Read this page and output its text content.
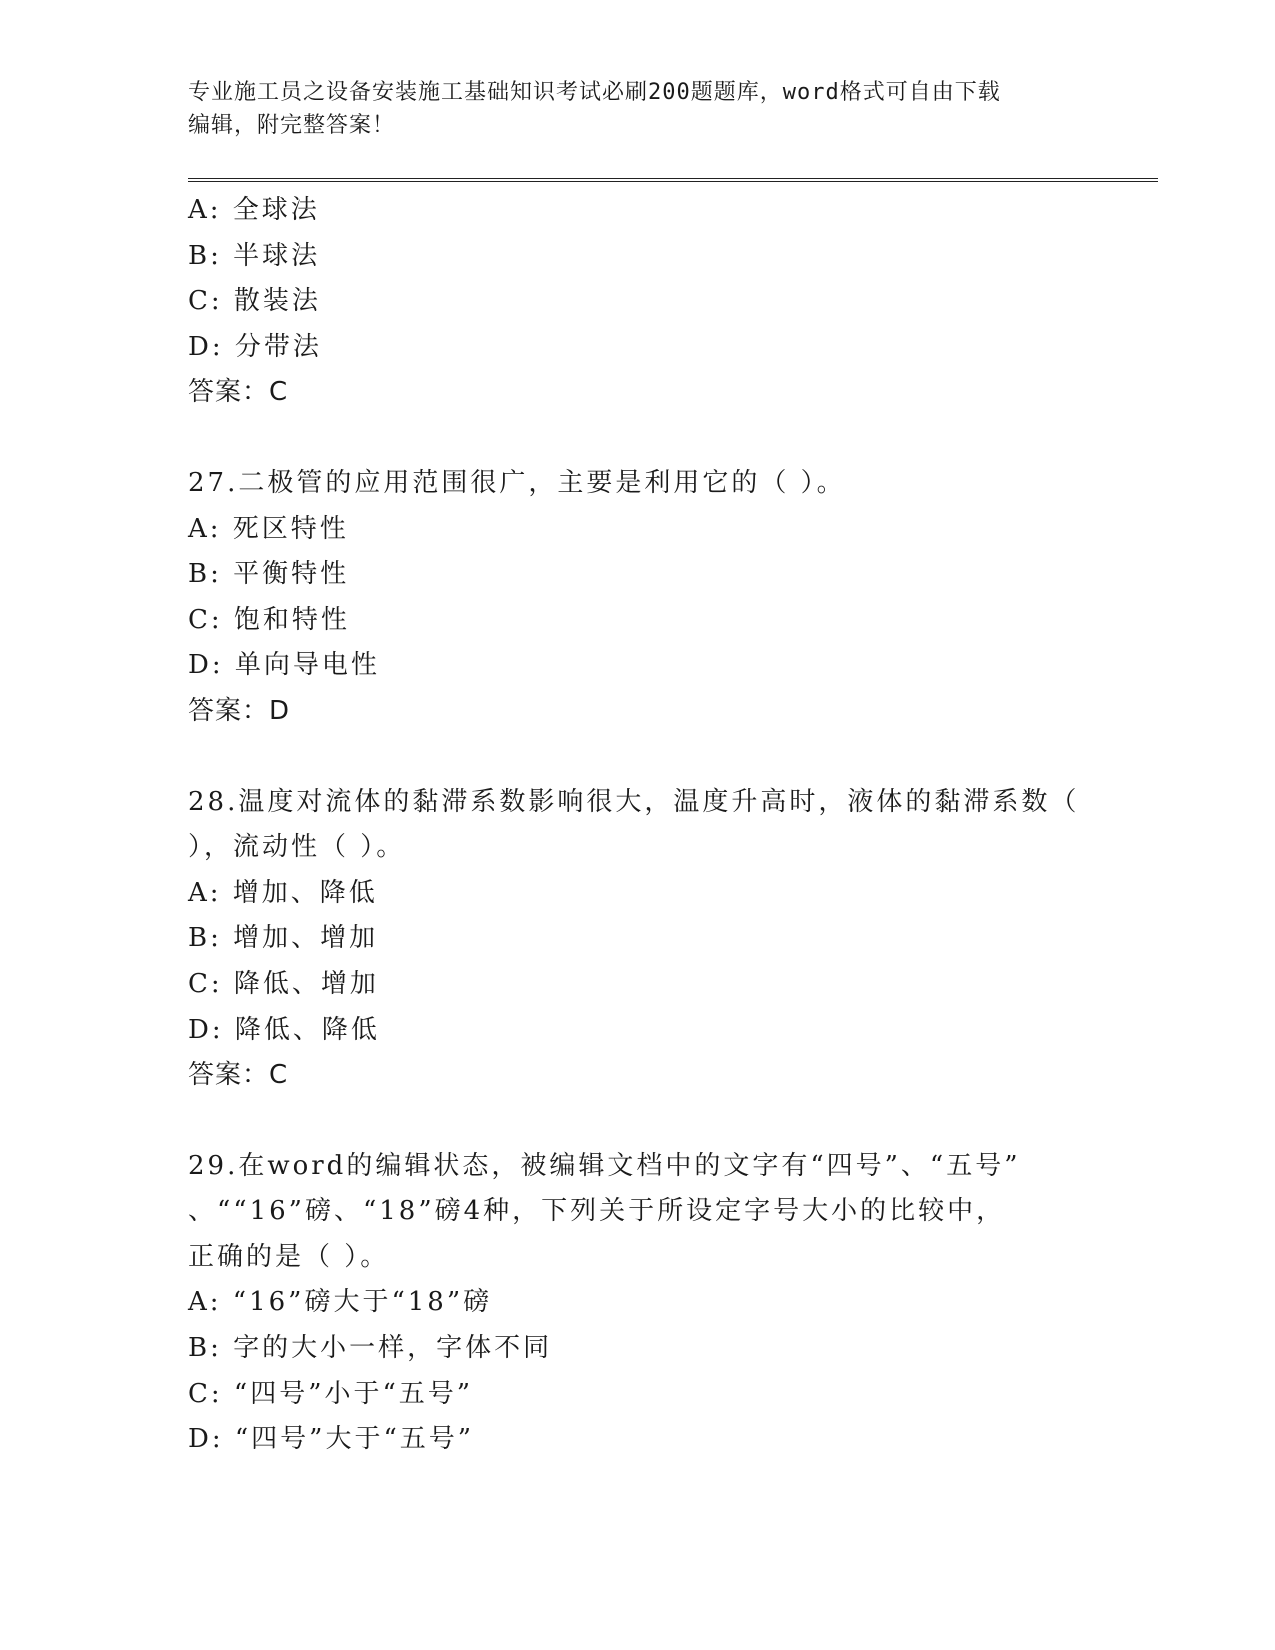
专业施工员之设备安装施工基础知识考试必刷200题题库，word格式可自由下载
编辑，附完整答案！
A: 全球法
B: 半球法
C: 散装法
D: 分带法
答案：C
27.二极管的应用范围很广，主要是利用它的（ ）。
A: 死区特性
B: 平衡特性
C: 饱和特性
D: 单向导电性
答案：D
28.温度对流体的黏滞系数影响很大，温度升高时，液体的黏滞系数（
），流动性（ ）。
A: 增加、降低
B: 增加、增加
C: 降低、增加
D: 降低、降低
答案：C
29.在word的编辑状态，被编辑文档中的文字有“四号”、“五号”
、““16”磅、“18”磅4种，下列关于所设定字号大小的比较中，
正确的是（ ）。
A: “16”磅大于“18”磅
B: 字的大小一样，字体不同
C: “四号”小于“五号”
D: “四号”大于“五号”
